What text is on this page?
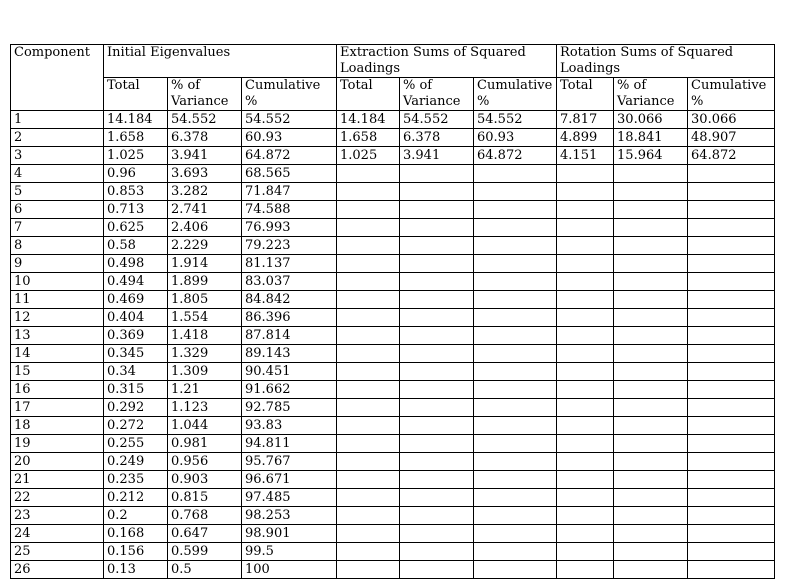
Component	Initial Eigenvalues			Extraction Sums of Squared Loadings			Rotation Sums of Squared Loadings		
	Total	% of Variance	Cumulative %	Total	% of Variance	Cumulative %	Total	% of Variance	Cumulative %
1	14.184	54.552	54.552	14.184	54.552	54.552	7.817	30.066	30.066
2	1.658	6.378	60.93	1.658	6.378	60.93	4.899	18.841	48.907
3	1.025	3.941	64.872	1.025	3.941	64.872	4.151	15.964	64.872
4	0.96	3.693	68.565						
5	0.853	3.282	71.847						
6	0.713	2.741	74.588						
7	0.625	2.406	76.993						
8	0.58	2.229	79.223						
9	0.498	1.914	81.137						
10	0.494	1.899	83.037						
11	0.469	1.805	84.842						
12	0.404	1.554	86.396						
13	0.369	1.418	87.814						
14	0.345	1.329	89.143						
15	0.34	1.309	90.451						
16	0.315	1.21	91.662						
17	0.292	1.123	92.785						
18	0.272	1.044	93.83						
19	0.255	0.981	94.811						
20	0.249	0.956	95.767						
21	0.235	0.903	96.671						
22	0.212	0.815	97.485						
23	0.2	0.768	98.253						
24	0.168	0.647	98.901						
25	0.156	0.599	99.5						
26	0.13	0.5	100						
